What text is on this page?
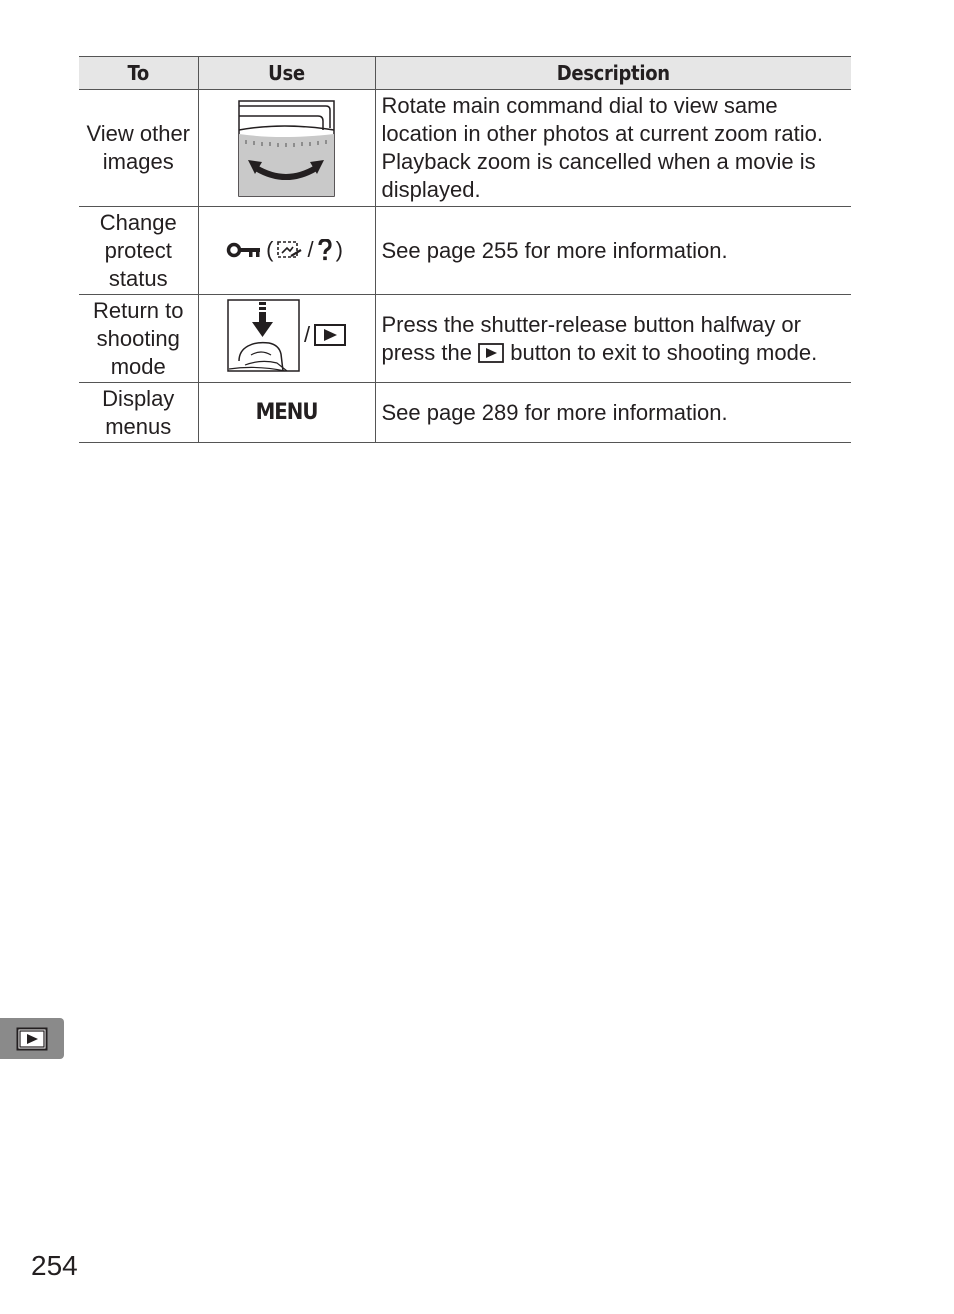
To	Use	Description
View other images		Rotate main command dial to view same location in other photos at current zoom ratio. Playback zoom is cancelled when a movie is displayed.
Change protect status	( / )	See page 255 for more information.
Return to shooting mode	/	Press the shutter-release button halfway or press the  button to exit to shooting mode.
Display menus	MENU	See page 289 for more information.
254
